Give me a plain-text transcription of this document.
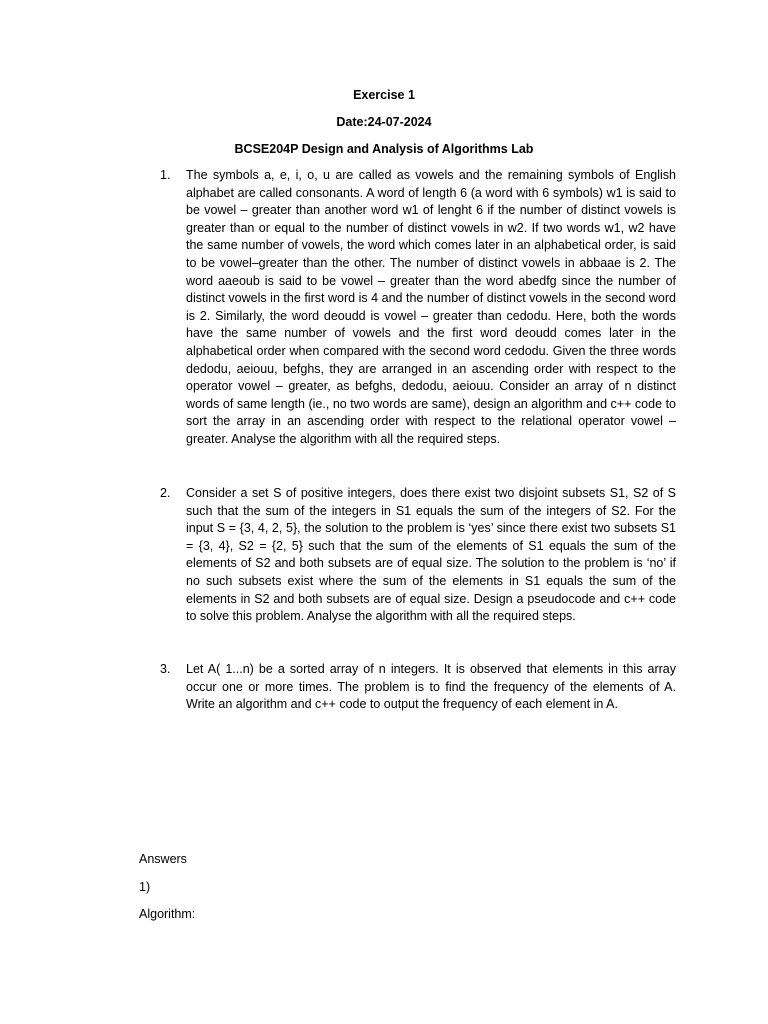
Exercise 1
Date:24-07-2024
BCSE204P Design and Analysis of Algorithms Lab
1.	The symbols a, e, i, o, u are called as vowels and the remaining symbols of English alphabet are called consonants. A word of length 6 (a word with 6 symbols) w1 is said to be vowel – greater than another word w1 of lenght 6 if the number of distinct vowels is greater than or equal to the number of distinct vowels in w2. If two words w1, w2 have the same number of vowels, the word which comes later in an alphabetical order, is said to be vowel–greater than the other. The number of distinct vowels in abbaae is 2. The word aaeoub is said to be vowel – greater than the word abedfg since the number of distinct vowels in the first word is 4 and the number of distinct vowels in the second word is 2. Similarly, the word deoudd is vowel – greater than cedodu. Here, both the words have the same number of vowels and the first word deoudd comes later in the alphabetical order when compared with the second word cedodu. Given the three words dedodu, aeiouu, befghs, they are arranged in an ascending order with respect to the operator vowel – greater, as befghs, dedodu, aeiouu. Consider an array of n distinct words of same length (ie., no two words are same), design an algorithm and c++ code to sort the array in an ascending order with respect to the relational operator vowel – greater. Analyse the algorithm with all the required steps.
2.	Consider a set S of positive integers, does there exist two disjoint subsets S1, S2 of S such that the sum of the integers in S1 equals the sum of the integers of S2. For the input S = {3, 4, 2, 5}, the solution to the problem is ‘yes’ since there exist two subsets S1 = {3, 4}, S2 = {2, 5} such that the sum of the elements of S1 equals the sum of the elements of S2 and both subsets are of equal size. The solution to the problem is ‘no’ if no such subsets exist where the sum of the elements in S1 equals the sum of the elements in S2 and both subsets are of equal size. Design a pseudocode and c++ code to solve this problem. Analyse the algorithm with all the required steps.
3.	Let A( 1...n) be a sorted array of n integers. It is observed that elements in this array occur one or more times. The problem is to find the frequency of the elements of A. Write an algorithm and c++ code to output the frequency of each element in A.
Answers
1)
Algorithm:
